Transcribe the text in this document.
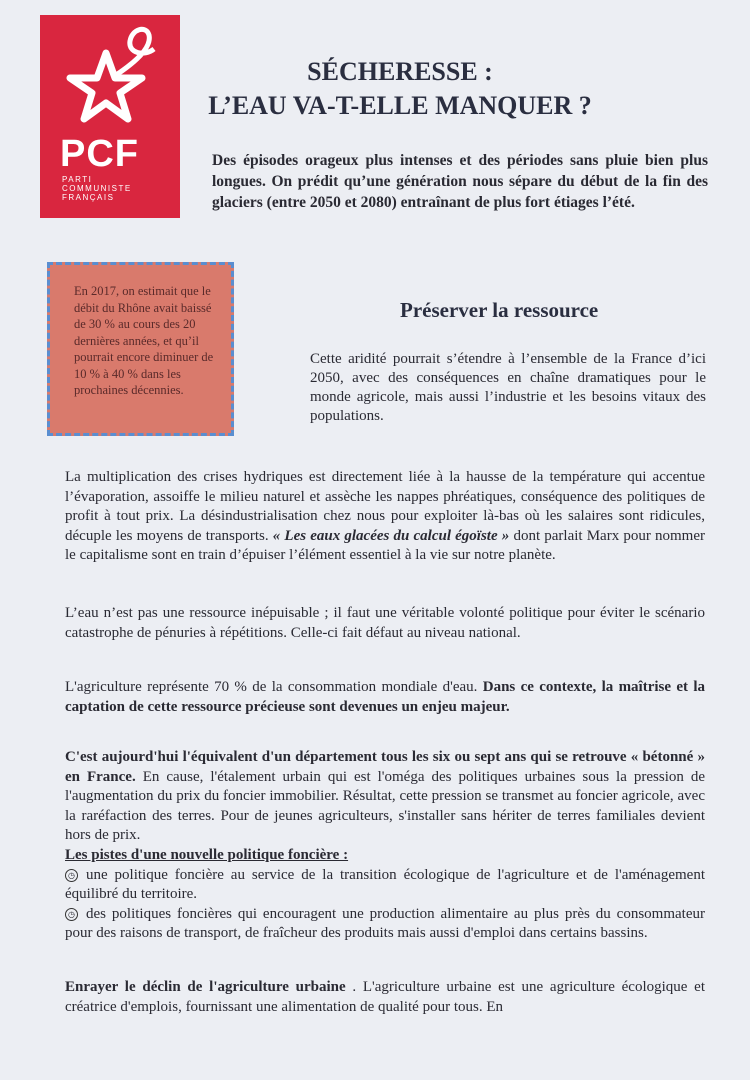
PCF
PARTI
COMMUNISTE
FRANÇAIS
SÉCHERESSE :
L’EAU VA-T-ELLE MANQUER ?
Des épisodes orageux plus intenses et des périodes sans pluie bien plus longues. On prédit qu’une génération nous sépare du début de la fin des glaciers (entre 2050 et 2080) entraînant de plus fort étiages l’été.

En 2017, on estimait que le débit du Rhône avait baissé de 30 % au cours des 20 dernières années, et qu’il pourrait encore diminuer de 10 % à 40 % dans les prochaines décennies.

Préserver la ressource
Cette aridité pourrait s’étendre à l’ensemble de la France d’ici 2050, avec des conséquences en chaîne dramatiques pour le monde agricole, mais aussi l’industrie et les besoins vitaux des populations.

La multiplication des crises hydriques est directement liée à la hausse de la température qui accentue l’évaporation, assoiffe le milieu naturel et assèche les nappes phréatiques, conséquence des politiques de profit à tout prix. La désindustrialisation chez nous pour exploiter là-bas où les salaires sont ridicules, décuple les moyens de transports. « Les eaux glacées du calcul égoïste » dont parlait Marx pour nommer le capitalisme sont en train d’épuiser l’élément essentiel à la vie sur notre planète.

L’eau n’est pas une ressource inépuisable ; il faut une véritable volonté politique pour éviter le scénario catastrophe de pénuries à répétitions. Celle-ci fait défaut au niveau national.

L'agriculture représente 70 % de la consommation mondiale d'eau. Dans ce contexte, la maîtrise et la captation de cette ressource précieuse sont devenues un enjeu majeur.

C'est aujourd'hui l'équivalent d'un département tous les six ou sept ans qui se retrouve « bétonné » en France. En cause, l'étalement urbain qui est l'oméga des politiques urbaines sous la pression de l'augmentation du prix du foncier immobilier. Résultat, cette pression se transmet au foncier agricole, avec la raréfaction des terres. Pour de jeunes agriculteurs, s'installer sans hériter de terres familiales devient hors de prix.

Les pistes d'une nouvelle politique foncière :
◷ une politique foncière au service de la transition écologique de l'agriculture et de l'aménagement équilibré du territoire.
◷ des politiques foncières qui encouragent une production alimentaire au plus près du consommateur pour des raisons de transport, de fraîcheur des produits mais aussi d'emploi dans certains bassins.

Enrayer le déclin de l'agriculture urbaine . L'agriculture urbaine est une agriculture écologique et créatrice d'emplois, fournissant une alimentation de qualité pour tous. En
